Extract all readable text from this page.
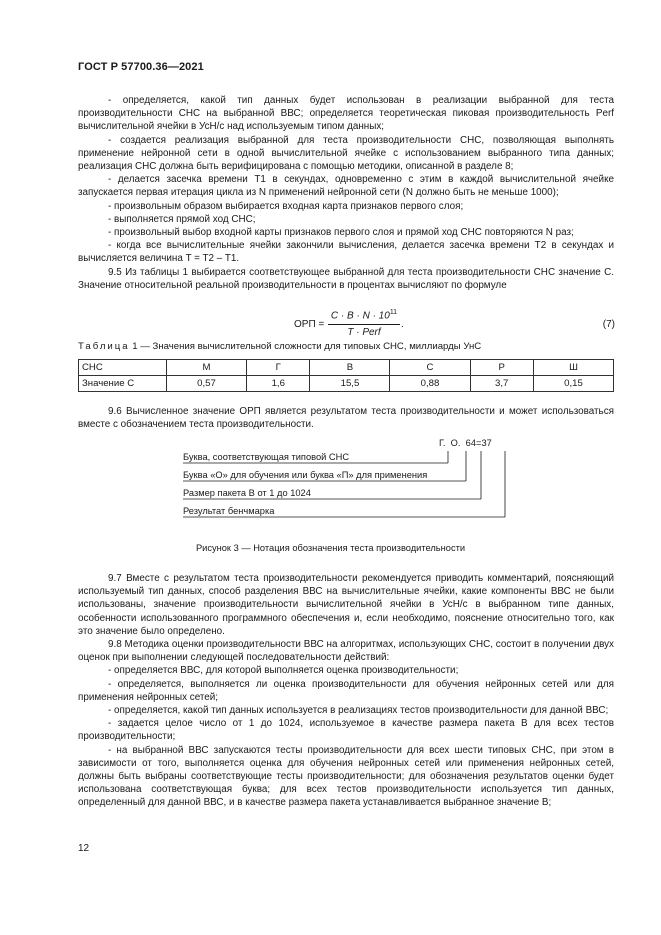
ГОСТ Р 57700.36—2021

- определяется, какой тип данных будет использован в реализации выбранной для теста производительности СНС на выбранной ВВС; определяется теоретическая пиковая производительность Perf вычислительной ячейки в УсН/с над используемым типом данных;

- создается реализация выбранной для теста производительности СНС, позволяющая выполнять применение нейронной сети в одной вычислительной ячейке с использованием выбранного типа данных; реализация СНС должна быть верифицирована с помощью методики, описанной в разделе 8;

- делается засечка времени T1 в секундах, одновременно с этим в каждой вычислительной ячейке запускается первая итерация цикла из N применений нейронной сети (N должно быть не меньше 1000);

- произвольным образом выбирается входная карта признаков первого слоя;

- выполняется прямой ход СНС;

- произвольный выбор входной карты признаков первого слоя и прямой ход СНС повторяются N раз;

- когда все вычислительные ячейки закончили вычисления, делается засечка времени T2 в секундах и вычисляется величина T = T2 – T1.

9.5 Из таблицы 1 выбирается соответствующее выбранной для теста производительности СНС значение C. Значение относительной реальной производительности в процентах вычисляют по формуле

ОРП =
$C \cdot B \cdot N \cdot 10^{11}$
T · Perf
.	(7)
Таблица 1 — Значения вычислительной сложности для типовых СНС, миллиарды УнС
СНС	М	Г	В	С	Р	Ш
Значение C	0,57	1,6	15,5	0,88	3,7	0,15

9.6 Вычисленное значение ОРП является результатом теста производительности и может использоваться вместе с обозначением теста производительности.

Г. О. 64=37
Буква, соответствующая типовой СНС
Буква «О» для обучения или буква «П» для применения
Размер пакета B от 1 до 1024
Результат бенчмарка
Рисунок 3 — Нотация обозначения теста производительности

9.7 Вместе с результатом теста производительности рекомендуется приводить комментарий, поясняющий используемый тип данных, способ разделения ВВС на вычислительные ячейки, какие компоненты ВВС не были использованы, значение производительности вычислительной ячейки в УсН/с в выбранном типе данных, особенности использованного программного обеспечения и, если необходимо, пояснение относительно того, как это значение было определено.

9.8 Методика оценки производительности ВВС на алгоритмах, использующих СНС, состоит в получении двух оценок при выполнении следующей последовательности действий:

- определяется ВВС, для которой выполняется оценка производительности;

- определяется, выполняется ли оценка производительности для обучения нейронных сетей или для применения нейронных сетей;

- определяется, какой тип данных используется в реализациях тестов производительности для данной ВВС;

- задается целое число от 1 до 1024, используемое в качестве размера пакета B для всех тестов производительности;

- на выбранной ВВС запускаются тесты производительности для всех шести типовых СНС, при этом в зависимости от того, выполняется оценка для обучения нейронных сетей или применения нейронных сетей, должны быть выбраны соответствующие тесты производительности; для обозначения результатов оценки будет использована соответствующая буква; для всех тестов производительности используется тип данных, определенный для данной ВВС, и в качестве размера пакета устанавливается выбранное значение B;

12
